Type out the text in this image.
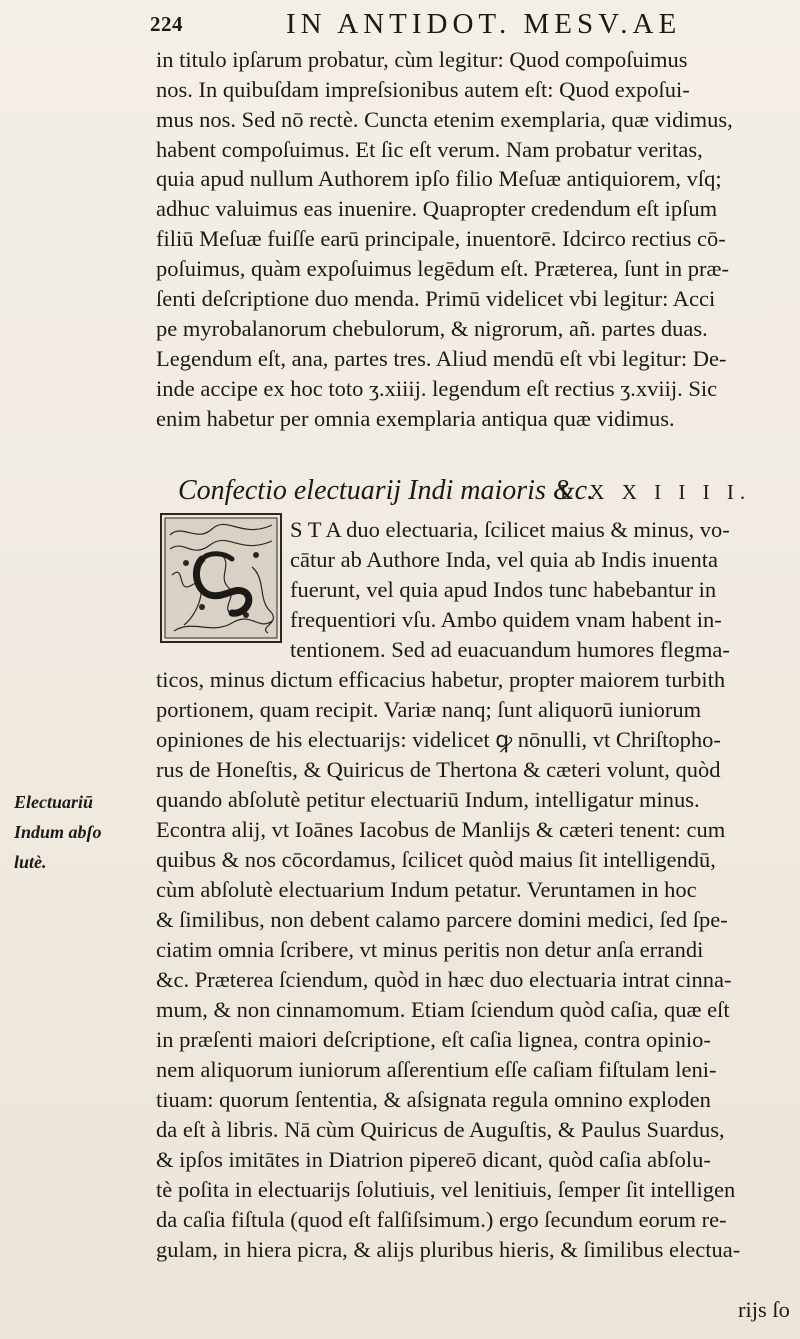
224	IN ANTIDOT. MESV.AE
in titulo ipſarum probatur, cùm legitur: Quod compoſuimus
nos. In quibuſdam impreſsionibus autem eſt: Quod expoſui-
mus nos. Sed nō rectè. Cuncta etenim exemplaria, quæ vidimus,
habent compoſuimus. Et ſic eſt verum. Nam probatur veritas,
quia apud nullum Authorem ipſo filio Meſuæ antiquiorem, vſq;
adhuc valuimus eas inuenire. Quapropter credendum eſt ipſum
filiū Meſuæ fuiſſe earū principale, inuentorē. Idcirco rectius cō-
poſuimus, quàm expoſuimus legēdum eſt. Præterea, ſunt in præ-
ſenti deſcriptione duo menda. Primū videlicet vbi legitur: Acci
pe myrobalanorum chebulorum, & nigrorum, añ. partes duas.
Legendum eſt, ana, partes tres. Aliud mendū eſt vbi legitur: De-
inde accipe ex hoc toto ʒ.xiiij. legendum eſt rectius ʒ.xviij. Sic
enim habetur per omnia exemplaria antiqua quæ vidimus.
Confectio electuarij Indi maioris &c.
L X X I I I I.
S T A duo electuaria, ſcilicet maius & minus, vo-
cātur ab Authore Inda, vel quia ab Indis inuenta
fuerunt, vel quia apud Indos tunc habebantur in
frequentiori vſu. Ambo quidem vnam habent in-
tentionem. Sed ad euacuandum humores flegma-
ticos, minus dictum efficacius habetur, propter maiorem turbith
portionem, quam recipit. Variæ nanq; ſunt aliquorū iuniorum
opiniones de his electuarijs: videlicet ꝙ nōnulli, vt Chriſtopho-
rus de Honeſtis, & Quiricus de Thertona & cæteri volunt, quòd
quando abſolutè petitur electuariū Indum, intelligatur minus.
Econtra alij, vt Ioānes Iacobus de Manlijs & cæteri tenent: cum
quibus & nos cōcordamus, ſcilicet quòd maius ſit intelligendū,
cùm abſolutè electuarium Indum petatur. Veruntamen in hoc
& ſimilibus, non debent calamo parcere domini medici, ſed ſpe-
ciatim omnia ſcribere, vt minus peritis non detur anſa errandi
&c. Præterea ſciendum, quòd in hæc duo electuaria intrat cinna-
mum, & non cinnamomum. Etiam ſciendum quòd caſia, quæ eſt
in præſenti maiori deſcriptione, eſt caſia lignea, contra opinio-
nem aliquorum iuniorum aſſerentium eſſe caſiam fiſtulam leni-
tiuam: quorum ſententia, & aſsignata regula omnino exploden
da eſt à libris. Nā cùm Quiricus de Auguſtis, & Paulus Suardus,
& ipſos imitātes in Diatrion pipereō dicant, quòd caſia abſolu-
tè poſita in electuarijs ſolutiuis, vel lenitiuis, ſemper ſit intelligen
da caſia fiſtula (quod eſt falſiſsimum.) ergo ſecundum eorum re-
gulam, in hiera picra, & alijs pluribus hieris, & ſimilibus electua-
Electuariū
Indum abſo
lutè.
rijs ſo
